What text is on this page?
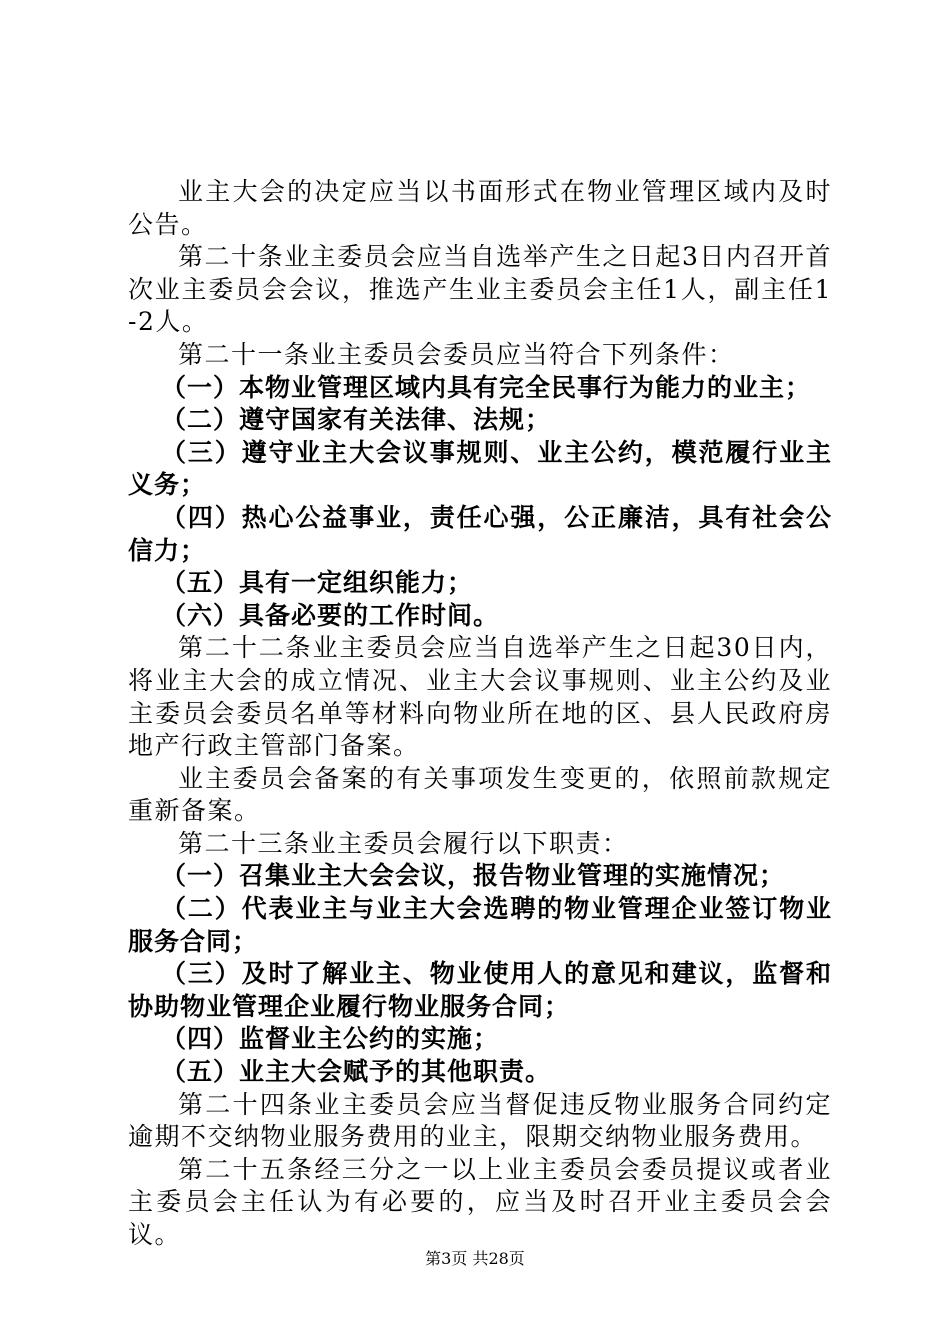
业主大会的决定应当以书面形式在物业管理区域内及时公告。

第二十条业主委员会应当自选举产生之日起3日内召开首次业主委员会会议，推选产生业主委员会主任1人，副主任1-2人。

第二十一条业主委员会委员应当符合下列条件：

（一）本物业管理区域内具有完全民事行为能力的业主；

（二）遵守国家有关法律、法规；

（三）遵守业主大会议事规则、业主公约，模范履行业主义务；

（四）热心公益事业，责任心强，公正廉洁，具有社会公信力；

（五）具有一定组织能力；

（六）具备必要的工作时间。

第二十二条业主委员会应当自选举产生之日起30日内，将业主大会的成立情况、业主大会议事规则、业主公约及业主委员会委员名单等材料向物业所在地的区、县人民政府房地产行政主管部门备案。

业主委员会备案的有关事项发生变更的，依照前款规定重新备案。

第二十三条业主委员会履行以下职责：

（一）召集业主大会会议，报告物业管理的实施情况；

（二）代表业主与业主大会选聘的物业管理企业签订物业服务合同；

（三）及时了解业主、物业使用人的意见和建议，监督和协助物业管理企业履行物业服务合同；

（四）监督业主公约的实施；

（五）业主大会赋予的其他职责。

第二十四条业主委员会应当督促违反物业服务合同约定逾期不交纳物业服务费用的业主，限期交纳物业服务费用。

第二十五条经三分之一以上业主委员会委员提议或者业主委员会主任认为有必要的，应当及时召开业主委员会会议。

第3页 共28页
